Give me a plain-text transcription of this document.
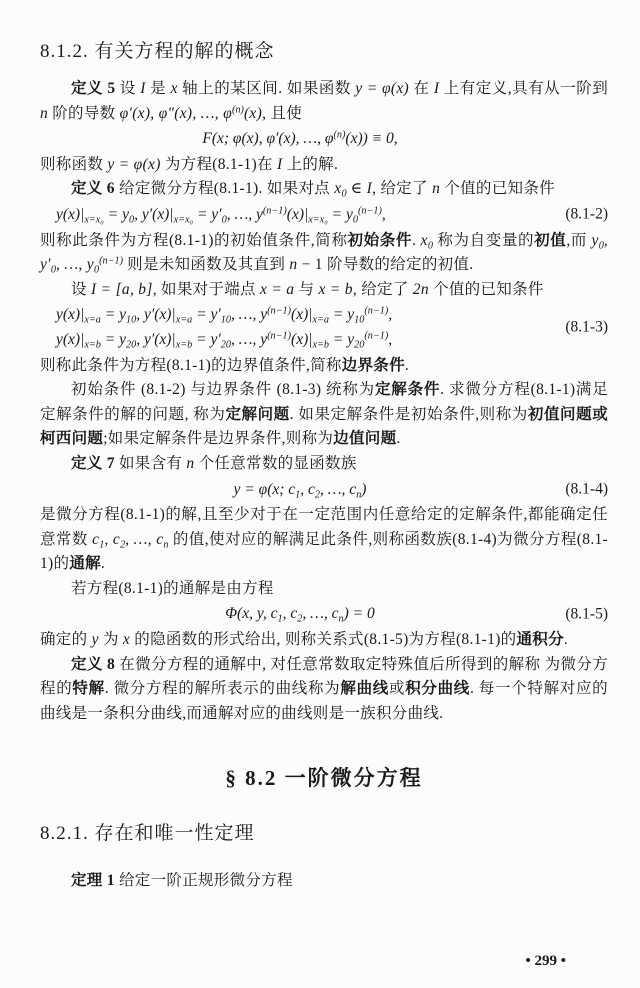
8.1.2. 有关方程的解的概念
定义 5 设 I 是 x 轴上的某区间. 如果函数 y = φ(x) 在 I 上有定义,具有从一阶到 n 阶的导数 φ′(x), φ″(x), …, $\varphi^{(n)}(x)$, 且使
F(x; φ(x), φ′(x), …, $\varphi^{(n)}(x)) \equiv 0$,
则称函数 y = φ(x) 为方程(8.1-1)在 I 上的解.
定义 6 给定微分方程(8.1-1). 如果对点 $x_0$ ∈ I, 给定了 n 个值的已知条件
$y(x)|_{x=x_0} = y_0$, $y'(x)|_{x=x_0} = y'_0$, …, $y^{(n-1)}(x)|_{x=x_0} = y_0^{(n-1)}$,	(8.1-2)
则称此条件为方程(8.1-1)的初始值条件,简称初始条件. $x_0$ 称为自变量的初值,而 $y_0$, $y'_0$, …, $y_0^{(n-1)}$ 则是未知函数及其直到 n − 1 阶导数的给定的初值.
设 I = [a, b], 如果对于端点 x = a 与 x = b, 给定了 2n 个值的已知条件
$y(x)|_{x=a} = y_{10}$, $y'(x)|_{x=a} = y'_{10}$, …, $y^{(n-1)}(x)|_{x=a} = y_{10}^{(n-1)}$,
$y(x)|_{x=b} = y_{20}$, $y'(x)|_{x=b} = y'_{20}$, …, $y^{(n-1)}(x)|_{x=b} = y_{20}^{(n-1)}$,
(8.1-3)
则称此条件为方程(8.1-1)的边界值条件,简称边界条件.
初始条件 (8.1-2) 与边界条件 (8.1-3) 统称为定解条件. 求微分方程(8.1-1)满足定解条件的解的问题, 称为定解问题. 如果定解条件是初始条件,则称为初值问题或柯西问题;如果定解条件是边界条件,则称为边值问题.
定义 7 如果含有 n 个任意常数的显函数族
y = φ(x; $c_1$, $c_2$, …, $c_n$)	(8.1-4)
是微分方程(8.1-1)的解,且至少对于在一定范围内任意给定的定解条件,都能确定任意常数 $c_1$, $c_2$, …, $c_n$ 的值,使对应的解满足此条件,则称函数族(8.1-4)为微分方程(8.1-1)的通解.
若方程(8.1-1)的通解是由方程
Φ(x, y, $c_1$, $c_2$, …, $c_n) = 0$	(8.1-5)
确定的 y 为 x 的隐函数的形式给出, 则称关系式(8.1-5)为方程(8.1-1)的通积分.
定义 8 在微分方程的通解中, 对任意常数取定特殊值后所得到的解称 为微分方程的特解. 微分方程的解所表示的曲线称为解曲线或积分曲线. 每一个特解对应的曲线是一条积分曲线,而通解对应的曲线则是一族积分曲线.
§ 8.2 一阶微分方程
8.2.1. 存在和唯一性定理
定理 1 给定一阶正规形微分方程
• 299 •
